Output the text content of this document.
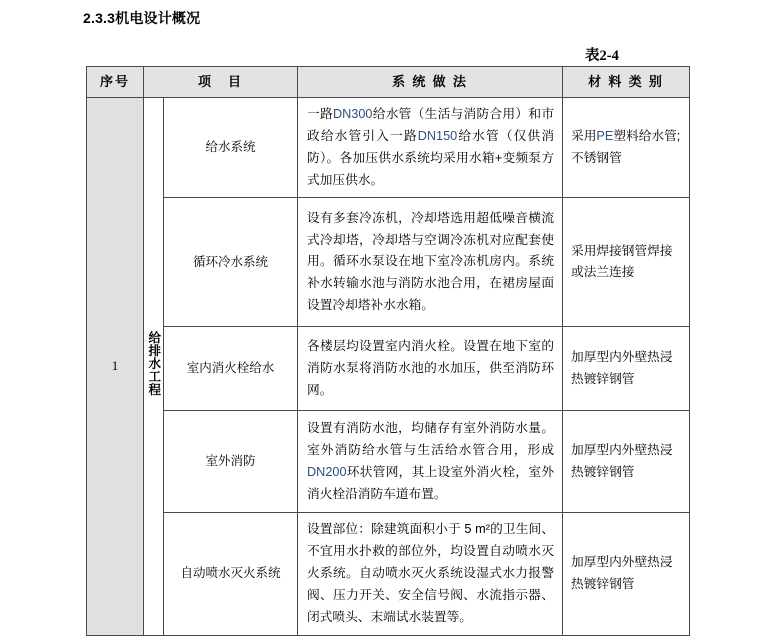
2.3.3机电设计概况
表2-4
序号	项　目		系 统 做 法	材 料 类 别
1	给排水工程	给水系统	一路DN300给水管（生活与消防合用）和市政给水管引入一路DN150给水管（仅供消防）。各加压供水系统均采用水箱+变频泵方式加压供水。	采用PE塑料给水管;不锈钢管
		循环冷水系统	设有多套冷冻机，冷却塔选用超低噪音横流式冷却塔，冷却塔与空调冷冻机对应配套使用。循环水泵设在地下室冷冻机房内。系统补水转输水池与消防水池合用，在裙房屋面设置冷却塔补水水箱。	采用焊接钢管焊接或法兰连接
		室内消火栓给水	各楼层均设置室内消火栓。设置在地下室的消防水泵将消防水池的水加压，供至消防环网。	加厚型内外壁热浸热镀锌钢管
		室外消防	设置有消防水池，均储存有室外消防水量。室外消防给水管与生活给水管合用，形成DN200环状管网，其上设室外消火栓，室外消火栓沿消防车道布置。	加厚型内外壁热浸热镀锌钢管
		自动喷水灭火系统	设置部位：除建筑面积小于 5 m²的卫生间、不宜用水扑救的部位外，均设置自动喷水灭火系统。自动喷水灭火系统设湿式水力报警阀、压力开关、安全信号阀、水流指示器、闭式喷头、末端试水装置等。	加厚型内外壁热浸热镀锌钢管
